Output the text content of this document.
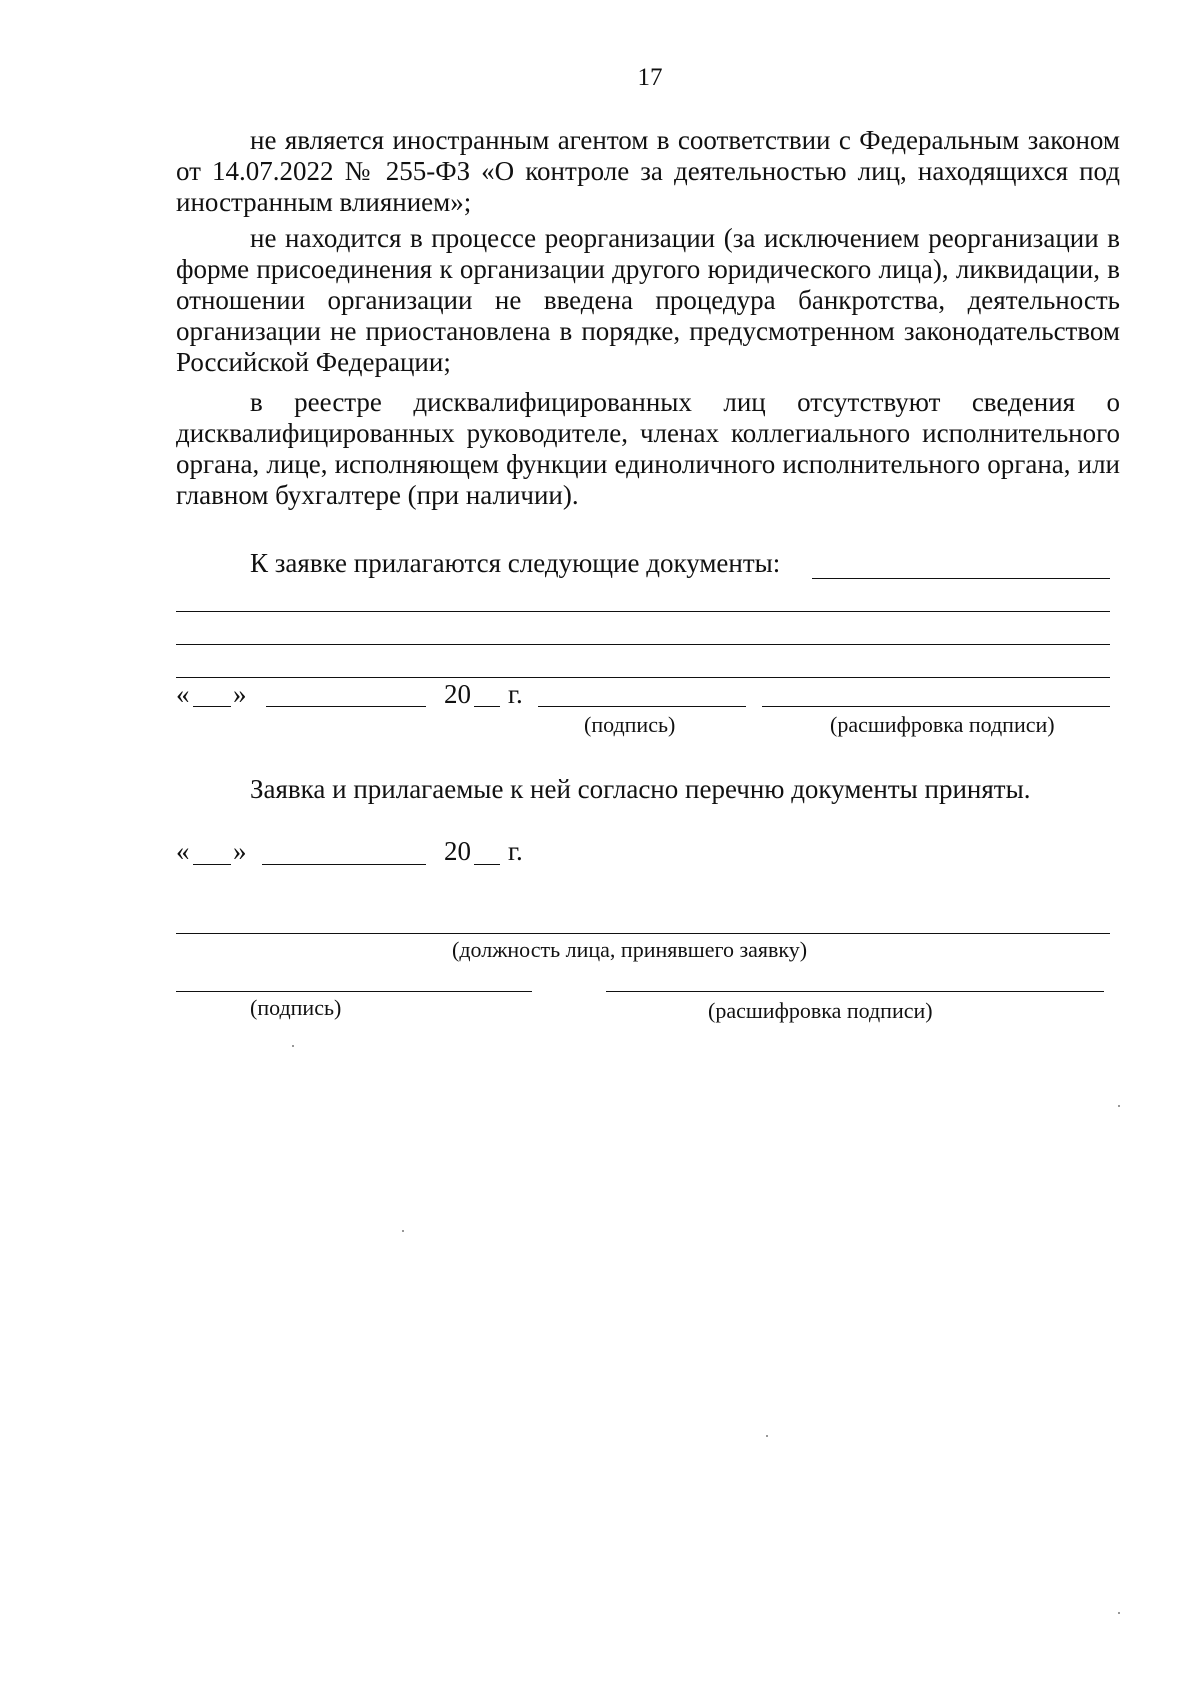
17

не является иностранным агентом в соответствии с Федеральным законом от 14.07.2022 № 255-ФЗ «О контроле за деятельностью лиц, находящихся под иностранным влиянием»;

не находится в процессе реорганизации (за исключением реорганизации в форме присоединения к организации другого юридического лица), ликвидации, в отношении организации не введена процедура банкротства, деятельность организации не приостановлена в порядке, предусмотренном законодательством Российской Федерации;

в реестре дисквалифицированных лиц отсутствуют сведения о дисквалифицированных руководителе, членах коллегиального исполнительного органа, лице, исполняющем функции единоличного исполнительного органа, или главном бухгалтере (при наличии).

К заявке прилагаются следующие документы:
« »	20 г.
(подпись)	(расшифровка подписи)
Заявка и прилагаемые к ней согласно перечню документы приняты.
« »	20 г.
(должность лица, принявшего заявку)
(подпись)	(расшифровка подписи)
